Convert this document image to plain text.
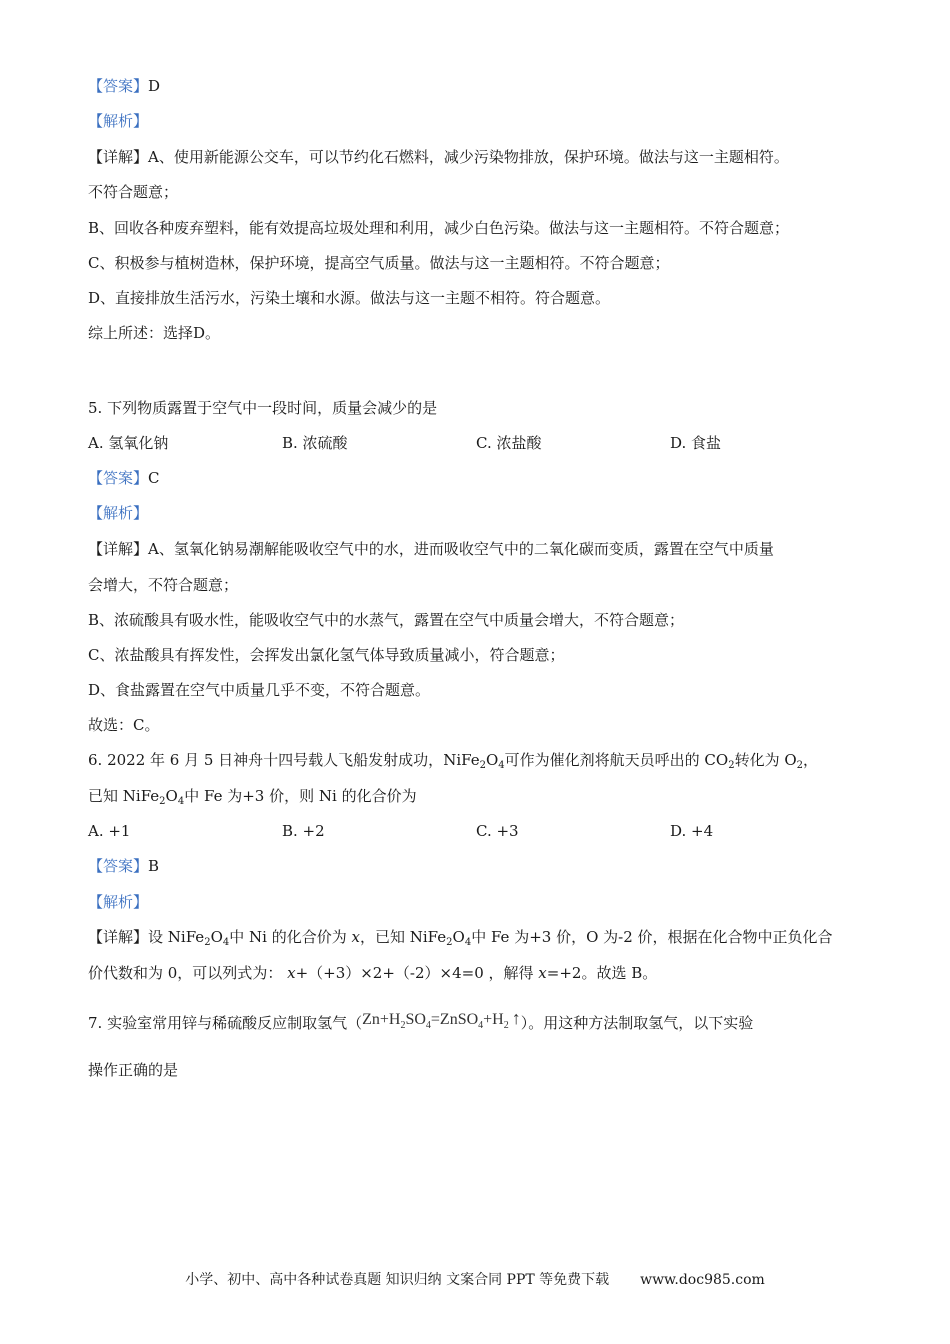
【答案】D
【解析】
【详解】A、使用新能源公交车，可以节约化石燃料，减少污染物排放，保护环境。做法与这一主题相符。
不符合题意；
B、回收各种废弃塑料，能有效提高垃圾处理和利用，减少白色污染。做法与这一主题相符。不符合题意；
C、积极参与植树造林，保护环境，提高空气质量。做法与这一主题相符。不符合题意；
D、直接排放生活污水，污染土壤和水源。做法与这一主题不相符。符合题意。
综上所述：选择D。
5. 下列物质露置于空气中一段时间，质量会减少的是
A. 氢氧化钠	B. 浓硫酸	C. 浓盐酸	D. 食盐
【答案】C
【解析】
【详解】A、氢氧化钠易潮解能吸收空气中的水，进而吸收空气中的二氧化碳而变质，露置在空气中质量
会增大，不符合题意；
B、浓硫酸具有吸水性，能吸收空气中的水蒸气，露置在空气中质量会增大，不符合题意；
C、浓盐酸具有挥发性，会挥发出氯化氢气体导致质量减小，符合题意；
D、食盐露置在空气中质量几乎不变，不符合题意。
故选：C。
6. 2022 年 6 月 5 日神舟十四号载人飞船发射成功，$NiFe_2O_4$可作为催化剂将航天员呼出的 $CO_2$转化为 $O_2$，
已知 $NiFe_2O_4$中 Fe 为+3 价，则 Ni 的化合价为
A. +1	B. +2	C. +3	D. +4
【答案】B
【解析】
【详解】设 $NiFe_2O_4$中 Ni 的化合价为 x，已知 $NiFe_2O_4$中 Fe 为+3 价，O 为-2 价，根据在化合物中正负化合
价代数和为 0，可以列式为： x+（+3）×2+（-2）×4=0 ，解得 x=+2。故选 B。
7. 实验室常用锌与稀硫酸反应制取氢气（$Zn+H_2SO_4=ZnSO_4+H_2$ ↑）。用这种方法制取氢气，以下实验
操作正确的是
小学、初中、高中各种试卷真题 知识归纳 文案合同 PPT 等免费下载 www.doc985.com
